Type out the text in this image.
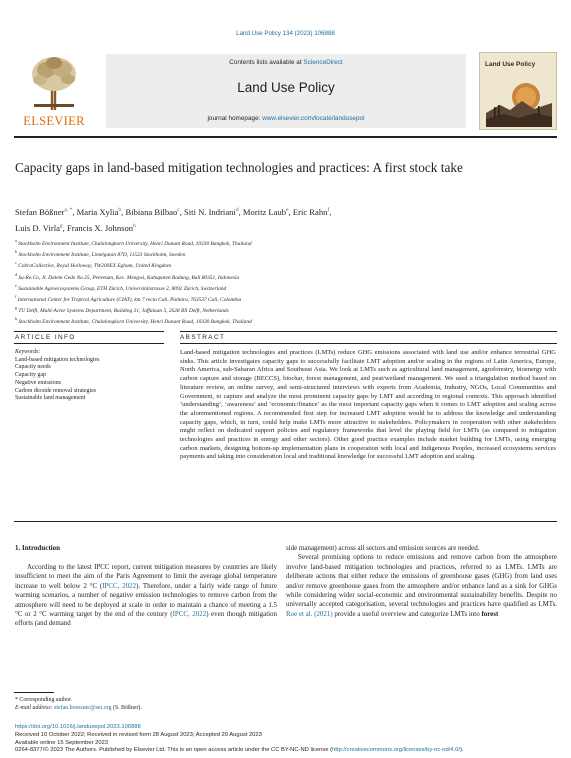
Land Use Policy 134 (2023) 106888
ELSEVIER
Contents lists available at ScienceDirect
Land Use Policy
journal homepage: www.elsevier.com/locate/landusepol
Land Use Policy
Capacity gaps in land-based mitigation technologies and practices: A first stock take
Stefan Bößner$^{a, *}$, Maria Xylia$^b$, Bibiana Bilbao$^c$, Siti N. Indriani$^d$, Moritz Laub$^e$, Eric Rahn$^f$,
Luis D. Virla$^g$, Francis X. Johnson$^h$
$^a$ Stockholm Environment Institute, Chulalongkorn University, Henri Dunant Road, 10330 Bangkok, Thailand
$^b$ Stockholm Environment Institute, Linnégatan 87D, 11523 Stockholm, Sweden
$^c$ CobraCollective, Royal Holloway, TW200EX Egham, United Kingdom
$^d$ Su-Re.Co, Jl. Dalem Gede No.25, Penrenan, Kec. Mengwi, Kabupaten Badung, Bali 80351, Indonesia
$^e$ Sustainable Agroecosystems Group, ETH Zürich, Universitätstrasse 2, 8092 Zürich, Switzerland
$^f$ International Center for Tropical Agriculture (CIAT), km 7 recta Cali, Palmira, 763537 Cali, Colombia
$^g$ TU Delft, Multi-Actor Systems Department, Building 31, Jaffalaan 5, 2628 BX Delft, Netherlands
$^h$ Stockholm Environment Institute, Chulalongkorn University, Henri Dunant Road, 10330 Bangkok, Thailand
ARTICLE INFO
Keywords:
Land-based mitigation technologies
Capacity needs
Capacity gap
Negative emissions
Carbon dioxide removal strategies
Sustainable land management
ABSTRACT
Land-based mitigation technologies and practices (LMTs) reduce GHG emissions associated with land use and/or enhance terrestrial GHG sinks. This article investigates capacity gaps to successfully facilitate LMT adoption and/or scaling in the regions of Latin America, Europe, North America, sub-Saharan Africa and Southeast Asia. We look at LMTs such as agricultural land management, agroforestry, bioenergy with carbon capture and storage (BECCS), biochar, forest management, and peat/wetland management. We used a triangulation method based on literature review, an online survey, and semi-structured interviews with experts from Academia, Industry, NGOs, Local Communities and Government, to capture and analyze the most prominent capacity gaps by LMT and according to regional contexts. This approach identified ‘understanding’, ‘awareness’ and ‘economic/finance’ as the most important capacity gaps when it comes to LMT adoption and scaling across the aforementioned regions. A recommended first step for increased LMT adoption would be to address the knowledge and understanding capacity gaps, which, in turn, could help make LMTs more attractive to stakeholders. Policymakers in cooperation with other stakeholders might reflect on dedicated support policies and regulatory frameworks that level the playing field for LMTs (as compared to mitigation technologies and practices in energy and other sectors). Other good practice examples include market building for LMTs, using emerging carbon markets, designing bottom-up implementation plans in cooperation with local and Indigenous Peoples, increased ecosystems services payments and taking into consideration local and traditional knowledge for successful LMT adoption and scaling.
1. Introduction
According to the latest IPCC report, current mitigation measures by countries are likely insufficient to meet the aim of the Paris Agreement to limit the average global temperature increase to well below 2 °C (IPCC, 2022). Therefore, under a fairly wide range of future warming scenarios, a number of negative emission technologies to remove carbon from the atmosphere will need to be deployed at scale in order to maintain a chance of meeting a 1.5 °C or 2 °C warming target by the end of the century (IPCC, 2022) even though mitigation efforts (and demand
side management) across all sectors and emission sources are needed.
Several promising options to reduce emissions and remove carbon from the atmosphere involve land-based mitigation technologies and practices, referred to as LMTs. LMTs are deliberate actions that either reduce the emissions of greenhouse gases (GHG) from land uses and/or remove greenhouse gases from the atmosphere and/or enhance land as a sink for GHGs while considering wider social-economic and environmental sustainability benefits. Despite no universally accepted categorisation, several technologies and practices have qualified as LMTs. Roe et al. (2021) provide a useful overview and categorize LMTs into forest
* Corresponding author.
E-mail address: stefan.boessner@sei.org (S. Bößner).
https://doi.org/10.1016/j.landusepol.2023.106888
Received 10 October 2022; Received in revised form 28 August 2023; Accepted 29 August 2023
Available online 15 September 2023
0264-8377/© 2023 The Authors. Published by Elsevier Ltd. This is an open access article under the CC BY-NC-ND license (http://creativecommons.org/licenses/by-nc-nd/4.0/).
